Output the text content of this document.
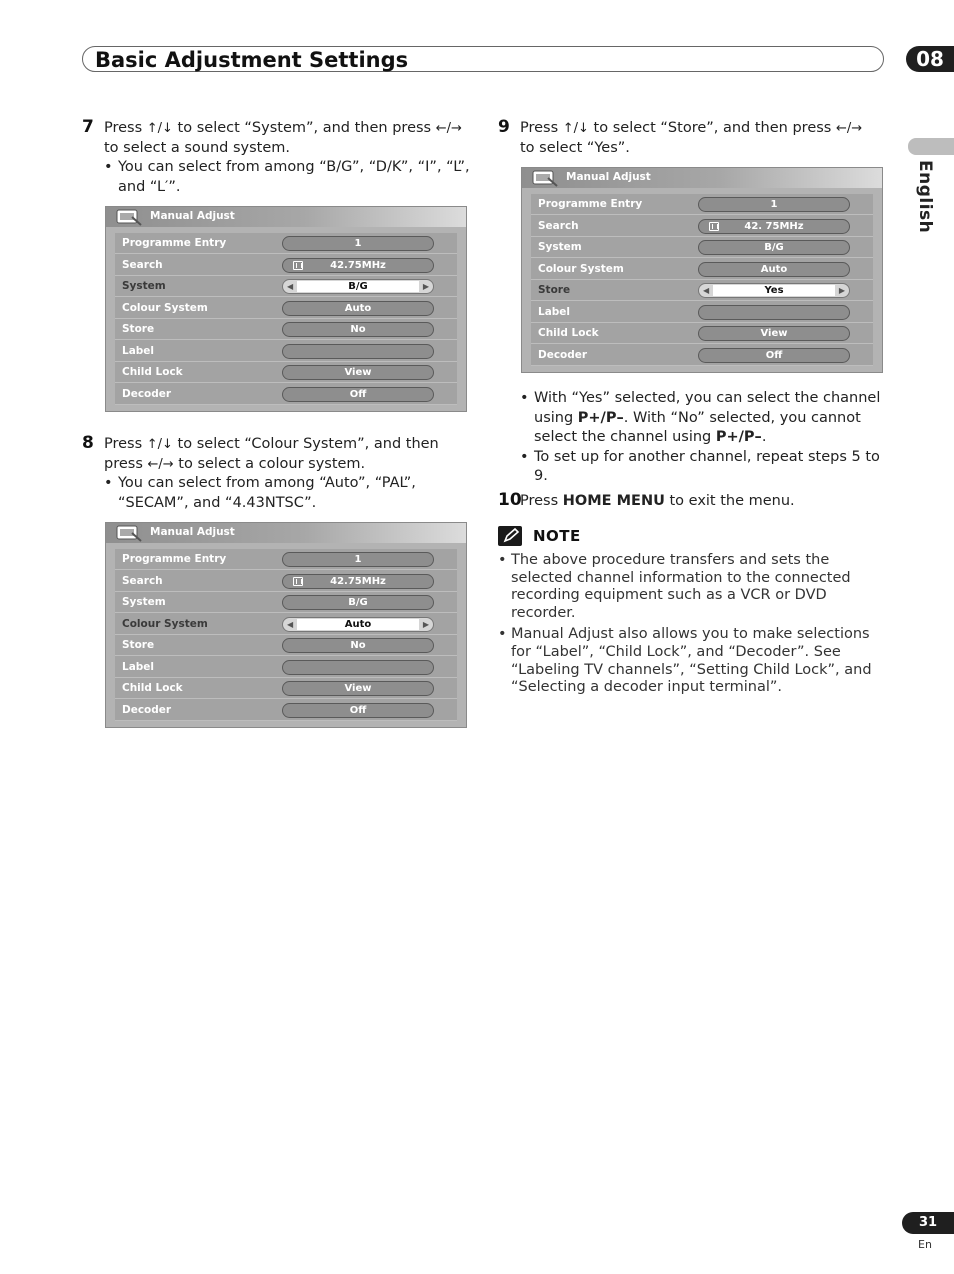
Basic Adjustment Settings	08
English
7 Press ↑/↓ to select “System”, and then press ←/→

to select a sound system.

• You can select from among “B/G”, “D/K”, “I”, “L”, and “L′”.

Manual Adjust
Programme Entry	1
Search	42.75MHz
System	◀	B/G	▶
Colour System	Auto
Store	No
Label
Child Lock	View
Decoder	Off
8 Press ↑/↓ to select “Colour System”, and then

press ←/→ to select a colour system.

• You can select from among “Auto”, “PAL”, “SECAM”, and “4.43NTSC”.

Manual Adjust
Programme Entry	1
Search	42.75MHz
System	B/G
Colour System	◀	Auto	▶
Store	No
Label
Child Lock	View
Decoder	Off
9 Press ↑/↓ to select “Store”, and then press ←/→

to select “Yes”.

Manual Adjust
Programme Entry	1
Search	42. 75MHz
System	B/G
Colour System	Auto
Store	◀	Yes	▶
Label
Child Lock	View
Decoder	Off

• With “Yes” selected, you can select the channel using P+/P–. With “No” selected, you cannot select the channel using P+/P–.

• To set up for another channel, repeat steps 5 to 9.

10

Press HOME MENU to exit the menu.

NOTE

• The above procedure transfers and sets the selected channel information to the connected recording equipment such as a VCR or DVD recorder.

• Manual Adjust also allows you to make selections for “Label”, “Child Lock”, and “Decoder”. See “Labeling TV channels”, “Setting Child Lock”, and “Selecting a decoder input terminal”.

31
En
